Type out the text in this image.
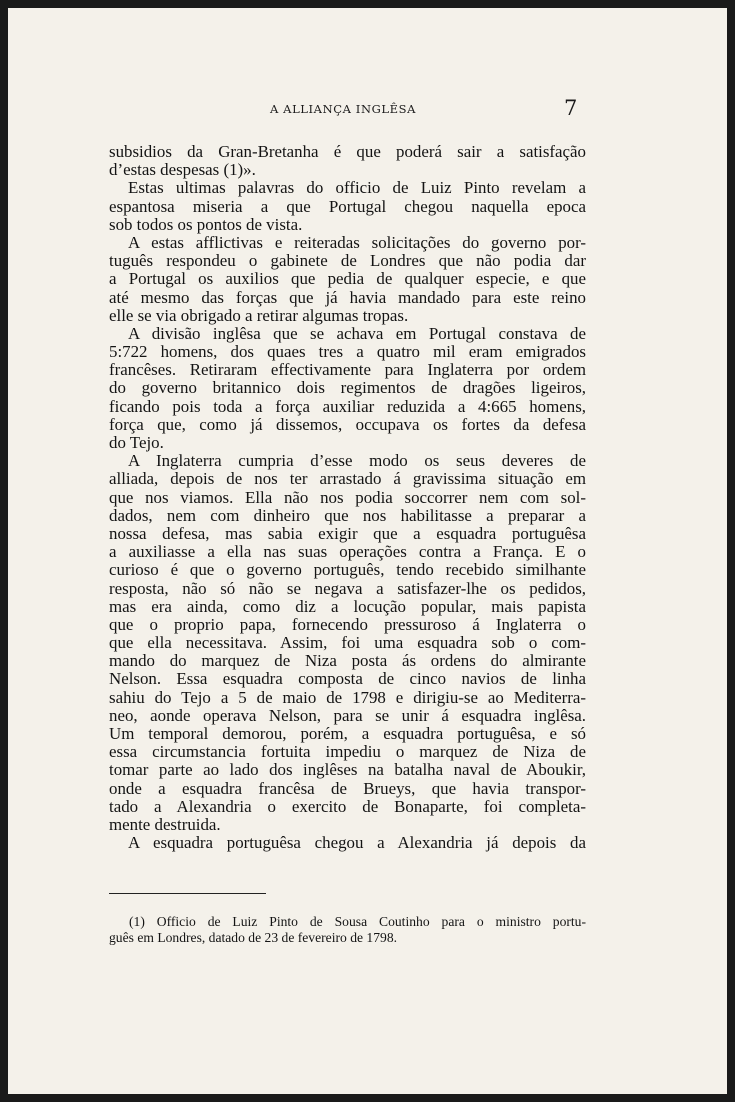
A ALLIANÇA INGLÊSA	7
subsidios da Gran-Bretanha é que poderá sair a satisfação
d’estas despesas (1)».
Estas ultimas palavras do officio de Luiz Pinto revelam a
espantosa miseria a que Portugal chegou naquella epoca
sob todos os pontos de vista.
A estas afflictivas e reiteradas solicitações do governo por-
tuguês respondeu o gabinete de Londres que não podia dar
a Portugal os auxilios que pedia de qualquer especie, e que
até mesmo das forças que já havia mandado para este reino
elle se via obrigado a retirar algumas tropas.
A divisão inglêsa que se achava em Portugal constava de
5:722 homens, dos quaes tres a quatro mil eram emigrados
francêses. Retiraram effectivamente para Inglaterra por ordem
do governo britannico dois regimentos de dragões ligeiros,
ficando pois toda a força auxiliar reduzida a 4:665 homens,
força que, como já dissemos, occupava os fortes da defesa
do Tejo.
A Inglaterra cumpria d’esse modo os seus deveres de
alliada, depois de nos ter arrastado á gravissima situação em
que nos viamos. Ella não nos podia soccorrer nem com sol-
dados, nem com dinheiro que nos habilitasse a preparar a
nossa defesa, mas sabia exigir que a esquadra portuguêsa
a auxiliasse a ella nas suas operações contra a França. E o
curioso é que o governo português, tendo recebido similhante
resposta, não só não se negava a satisfazer-lhe os pedidos,
mas era ainda, como diz a locução popular, mais papista
que o proprio papa, fornecendo pressuroso á Inglaterra o
que ella necessitava. Assim, foi uma esquadra sob o com-
mando do marquez de Niza posta ás ordens do almirante
Nelson. Essa esquadra composta de cinco navios de linha
sahiu do Tejo a 5 de maio de 1798 e dirigiu-se ao Mediterra-
neo, aonde operava Nelson, para se unir á esquadra inglêsa.
Um temporal demorou, porém, a esquadra portuguêsa, e só
essa circumstancia fortuita impediu o marquez de Niza de
tomar parte ao lado dos inglêses na batalha naval de Aboukir,
onde a esquadra francêsa de Brueys, que havia transpor-
tado a Alexandria o exercito de Bonaparte, foi completa-
mente destruida.
A esquadra portuguêsa chegou a Alexandria já depois da
(1) Officio de Luiz Pinto de Sousa Coutinho para o ministro portu-
guês em Londres, datado de 23 de fevereiro de 1798.
